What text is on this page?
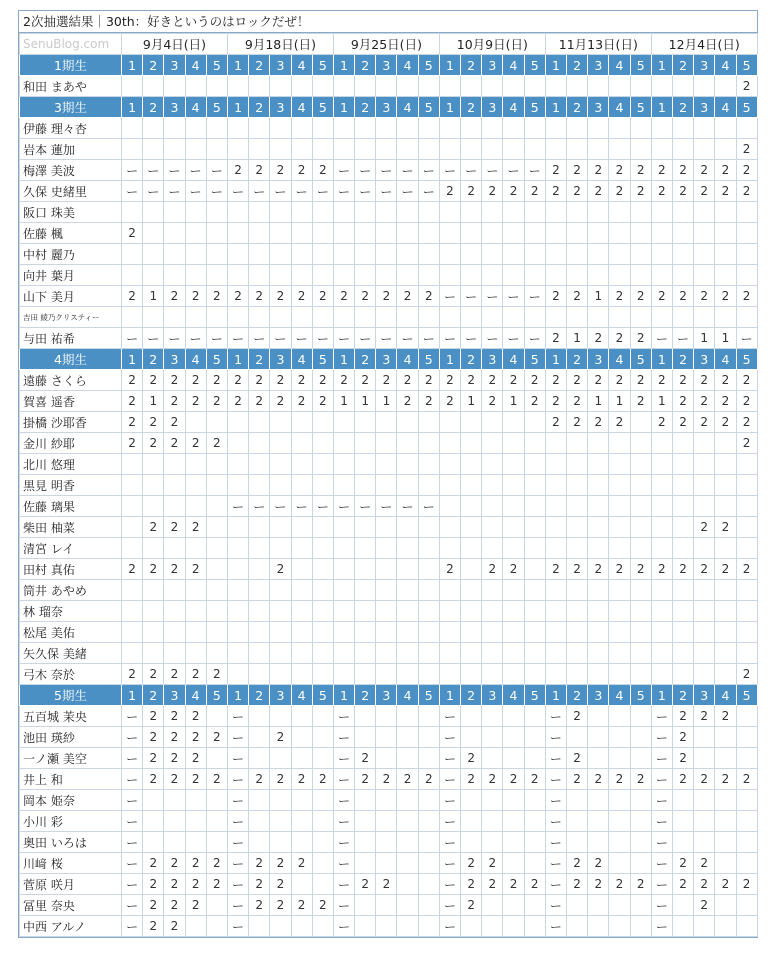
2次抽選結果｜30th：好きというのはロックだぜ！
SenuBlog.com	9月4日(日)					9月18日(日)					9月25日(日)					10月9日(日)					11月13日(日)					12月4日(日)				
1期生	1	2	3	4	5	1	2	3	4	5	1	2	3	4	5	1	2	3	4	5	1	2	3	4	5	1	2	3	4	5
和田 まあや																														2
3期生	1	2	3	4	5	1	2	3	4	5	1	2	3	4	5	1	2	3	4	5	1	2	3	4	5	1	2	3	4	5
伊藤 理々杏																														
岩本 蓮加																														2
梅澤 美波	ー	ー	ー	ー	ー	2	2	2	2	2	ー	ー	ー	ー	ー	ー	ー	ー	ー	ー	2	2	2	2	2	2	2	2	2	2
久保 史緒里	ー	ー	ー	ー	ー	ー	ー	ー	ー	ー	ー	ー	ー	ー	ー	2	2	2	2	2	2	2	2	2	2	2	2	2	2	2
阪口 珠美																														
佐藤 楓	2																													
中村 麗乃																														
向井 葉月																														
山下 美月	2	1	2	2	2	2	2	2	2	2	2	2	2	2	2	ー	ー	ー	ー	ー	2	2	1	2	2	2	2	2	2	2
吉田 綾乃クリスティー																														
与田 祐希	ー	ー	ー	ー	ー	ー	ー	ー	ー	ー	ー	ー	ー	ー	ー	ー	ー	ー	ー	ー	2	1	2	2	2	ー	ー	1	1	ー
4期生	1	2	3	4	5	1	2	3	4	5	1	2	3	4	5	1	2	3	4	5	1	2	3	4	5	1	2	3	4	5
遠藤 さくら	2	2	2	2	2	2	2	2	2	2	2	2	2	2	2	2	2	2	2	2	2	2	2	2	2	2	2	2	2	2
賀喜 遥香	2	1	2	2	2	2	2	2	2	2	1	1	1	2	2	2	1	2	1	2	2	2	1	1	2	1	2	2	2	2
掛橋 沙耶香	2	2	2																		2	2	2	2		2	2	2	2	2
金川 紗耶	2	2	2	2	2																									2
北川 悠理																														
黒見 明香																														
佐藤 璃果						ー	ー	ー	ー	ー	ー	ー	ー	ー	ー															
柴田 柚菜		2	2	2																								2	2	
清宮 レイ																														
田村 真佑	2	2	2	2				2								2		2	2		2	2	2	2	2	2	2	2	2	2
筒井 あやめ																														
林 瑠奈																														
松尾 美佑																														
矢久保 美緒																														
弓木 奈於	2	2	2	2	2																									2
5期生	1	2	3	4	5	1	2	3	4	5	1	2	3	4	5	1	2	3	4	5	1	2	3	4	5	1	2	3	4	5
五百城 茉央	ー	2	2	2		ー					ー					ー					ー	2				ー	2	2	2	
池田 瑛紗	ー	2	2	2	2	ー		2			ー					ー					ー					ー	2			
一ノ瀬 美空	ー	2	2	2		ー					ー	2				ー	2				ー	2				ー	2			
井上 和	ー	2	2	2	2	ー	2	2	2	2	ー	2	2	2	2	ー	2	2	2	2	ー	2	2	2	2	ー	2	2	2	2
岡本 姫奈	ー					ー					ー					ー					ー					ー				
小川 彩	ー					ー					ー					ー					ー					ー				
奥田 いろは	ー					ー					ー					ー					ー					ー				
川﨑 桜	ー	2	2	2	2	ー	2	2	2		ー					ー	2	2			ー	2	2			ー	2	2		
菅原 咲月	ー	2	2	2	2	ー	2	2			ー	2	2			ー	2	2	2	2	ー	2	2	2	2	ー	2	2	2	2
冨里 奈央	ー	2	2	2		ー	2	2	2	2	ー					ー	2				ー					ー		2		
中西 アルノ	ー	2	2			ー					ー					ー					ー					ー				
